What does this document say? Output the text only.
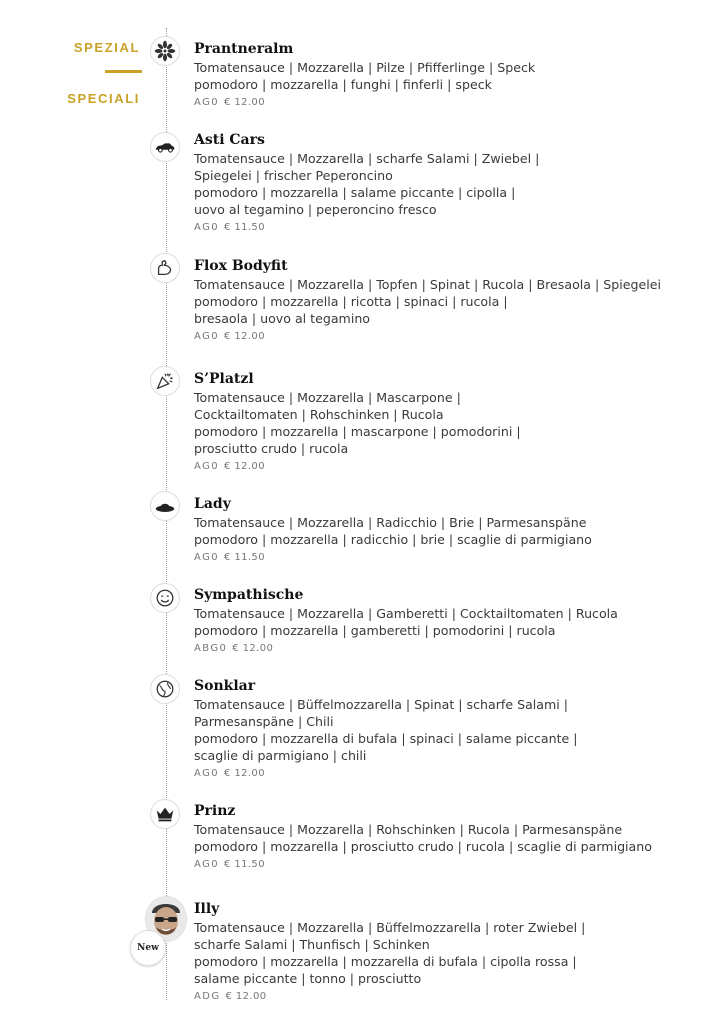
SPEZIAL
SPECIALI
New
Prantneralm
Tomatensauce | Mozzarella | Pilze | Pfifferlinge | Speck
pomodoro | mozzarella | funghi | finferli | speck
AG0 € 12.00
Asti Cars
Tomatensauce | Mozzarella | scharfe Salami | Zwiebel |
Spiegelei | frischer Peperoncino
pomodoro | mozzarella | salame piccante | cipolla |
uovo al tegamino | peperoncino fresco
AG0 € 11.50
Flox Bodyfit
Tomatensauce | Mozzarella | Topfen | Spinat | Rucola | Bresaola | Spiegelei
pomodoro | mozzarella | ricotta | spinaci | rucola |
bresaola | uovo al tegamino
AG0 € 12.00
S’Platzl
Tomatensauce | Mozzarella | Mascarpone |
Cocktailtomaten | Rohschinken | Rucola
pomodoro | mozzarella | mascarpone | pomodorini |
prosciutto crudo | rucola
AG0 € 12.00
Lady
Tomatensauce | Mozzarella | Radicchio | Brie | Parmesanspäne
pomodoro | mozzarella | radicchio | brie | scaglie di parmigiano
AG0 € 11.50
Sympathische
Tomatensauce | Mozzarella | Gamberetti | Cocktailtomaten | Rucola
pomodoro | mozzarella | gamberetti | pomodorini | rucola
ABG0 € 12.00
Sonklar
Tomatensauce | Büffelmozzarella | Spinat | scharfe Salami |
Parmesanspäne | Chili
pomodoro | mozzarella di bufala | spinaci | salame piccante |
scaglie di parmigiano | chili
AG0 € 12.00
Prinz
Tomatensauce | Mozzarella | Rohschinken | Rucola | Parmesanspäne
pomodoro | mozzarella | prosciutto crudo | rucola | scaglie di parmigiano
AG0 € 11.50
Illy
Tomatensauce | Mozzarella | Büffelmozzarella | roter Zwiebel |
scharfe Salami | Thunfisch | Schinken
pomodoro | mozzarella | mozzarella di bufala | cipolla rossa |
salame piccante | tonno | prosciutto
ADG € 12.00
